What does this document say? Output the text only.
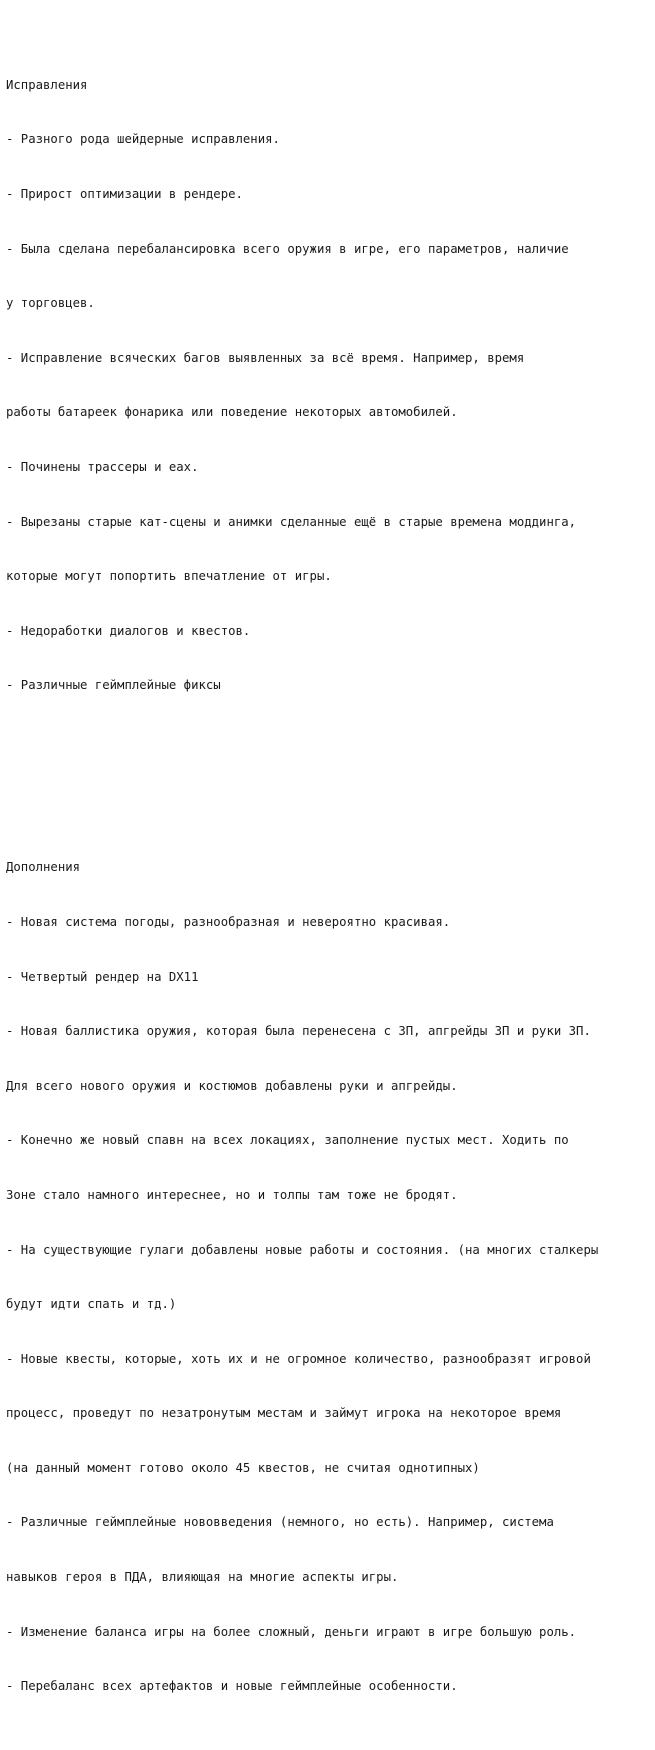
Исправления

- Разного рода шейдерные исправления.

- Прирост оптимизации в рендере.

- Была сделана перебалансировка всего оружия в игре, его параметров, наличие

у торговцев.

- Исправление всяческих багов выявленных за всё время. Например, время

работы батареек фонарика или поведение некоторых автомобилей.

- Починены трассеры и еах.

- Вырезаны старые кат-сцены и анимки сделанные ещё в старые времена моддинга,

которые могут попортить впечатление от игры.

- Недоработки диалогов и квестов.

- Различные геймплейные фиксы

Дополнения

- Новая система погоды, разнообразная и невероятно красивая.

- Четвертый рендер на DX11

- Новая баллистика оружия, которая была перенесена с ЗП, апгрейды ЗП и руки ЗП.

Для всего нового оружия и костюмов добавлены руки и апгрейды.

- Конечно же новый спавн на всех локациях, заполнение пустых мест. Ходить по

Зоне стало намного интереснее, но и толпы там тоже не бродят.

- На существующие гулаги добавлены новые работы и состояния. (на многих сталкеры

будут идти спать и тд.)

- Новые квесты, которые, хоть их и не огромное количество, разнообразят игровой

процесс, проведут по незатронутым местам и займут игрока на некоторое время

(на данный момент готово около 45 квестов, не считая однотипных)

- Различные геймплейные нововведения (немного, но есть). Например, система

навыков героя в ПДА, влияющая на многие аспекты игры.

- Изменение баланса игры на более сложный, деньги играют в игре большую роль.

- Перебаланс всех артефактов и новые геймплейные особенности.
